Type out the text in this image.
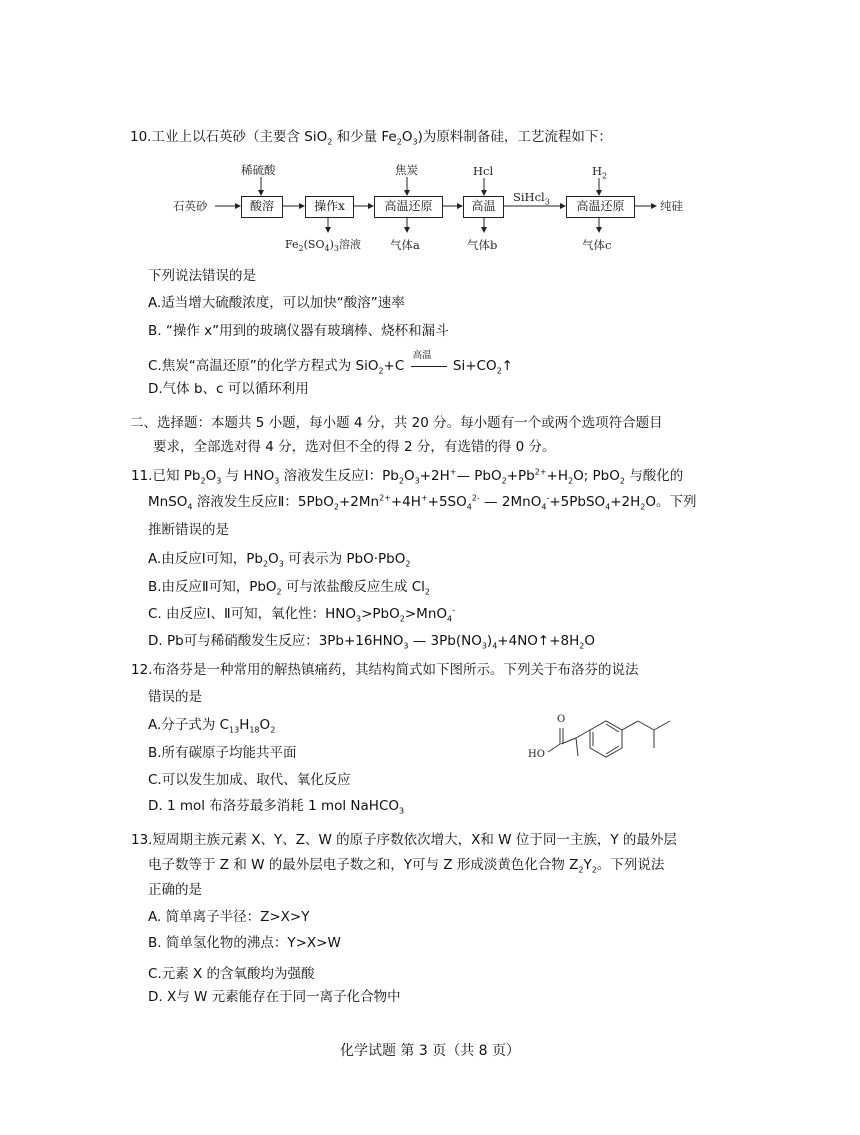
10.工业上以石英砂（主要含 SiO$_2$ 和少量 $Fe_2O_3$)为原料制备硅，工艺流程如下：
石英砂	酸溶	操作x	高温还原	高温	高温还原	纯硅
稀硫酸	焦炭	Hcl	$H_2$
SiHcl$_3$
$Fe_2(SO_4)_3$溶液	气体a	气体b	气体c
下列说法错误的是
A.适当增大硫酸浓度，可以加快“酸溶”速率
B. “操作 x”用到的玻璃仪器有玻璃棒、烧杯和漏斗
C.焦炭“高温还原”的化学方程式为 SiO$_2$+C
高温
$Si+CO_2↑$
D.气体 b、c 可以循环利用
二、选择题：本题共 5 小题，每小题 4 分，共 20 分。每小题有一个或两个选项符合题目
要求，全部选对得 4 分，选对但不全的得 2 分，有选错的得 0 分。
11.已知 $Pb_2O_3$ 与 $HNO_3$ 溶液发生反应Ⅰ：$Pb_2O_3+2H^+—$ $PbO_2+Pb^{2+}+H_2O$; PbO$_2$ 与酸化的
MnSO$_4$ 溶液发生反应Ⅱ：$5PbO_2+2Mn^{2+}+4H^++5SO_4^{2-}$ — $2MnO_4^-+5PbSO_4+2H_2O$。下列
推断错误的是
A.由反应Ⅰ可知，$Pb_2O_3$ 可表示为 PbO·PbO$_2$
B.由反应Ⅱ可知，PbO$_2$ 可与浓盐酸反应生成 $Cl_2$
C. 由反应Ⅰ、Ⅱ可知，氧化性：$HNO_3>PbO_2>MnO_4^-$
D. Pb可与稀硝酸发生反应：$3Pb+16HNO_3$ — $3Pb(NO_3)_4+4NO↑+8H_2O$
12.布洛芬是一种常用的解热镇痛药，其结构简式如下图所示。下列关于布洛芬的说法
错误的是
A.分子式为 $C_{13}H_{18}O_2$
B.所有碳原子均能共平面
C.可以发生加成、取代、氧化反应
D. 1 mol 布洛芬最多消耗 1 mol NaHCO$_3$
O
HO
13.短周期主族元素 X、Y、Z、W 的原子序数依次增大，X和 W 位于同一主族，Y 的最外层
电子数等于 Z 和 W 的最外层电子数之和，Y可与 Z 形成淡黄色化合物 $Z_2Y_2$。下列说法
正确的是
A. 简单离子半径：Z>X>Y
B. 简单氢化物的沸点：Y>X>W
C.元素 X 的含氧酸均为强酸
D. X与 W 元素能存在于同一离子化合物中
化学试题 第 3 页（共 8 页）
